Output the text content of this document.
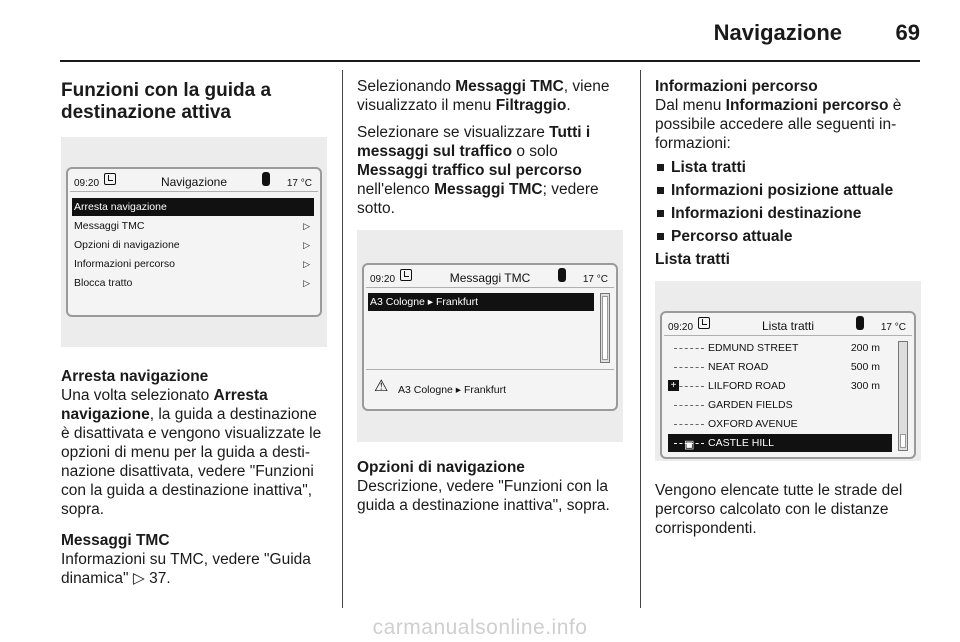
Navigazione 69
Funzioni con la guida a destinazione attiva
09:20	Navigazione	17 °C
Arresta navigazione
Messaggi TMC	▷
Opzioni di navigazione	▷
Informazioni percorso	▷
Blocca tratto	▷
Arresta navigazione

Una volta selezionato Arresta navigazione, la guida a destinazione è disattivata e vengono visualizzate le opzioni di menu per la guida a desti-nazione disattivata, vedere "Funzioni con la guida a destinazione inattiva", sopra.

Messaggi TMC

Informazioni su TMC, vedere "Guida dinamica" ▷ 37.

Selezionando Messaggi TMC, viene visualizzato il menu Filtraggio.

Selezionare se visualizzare Tutti i messaggi sul traffico o solo Messaggi traffico sul percorso nell'elenco Messaggi TMC; vedere sotto.

09:20	Messaggi TMC	17 °C
A3 Cologne ▸ Frankfurt
⚠ A3 Cologne ▸ Frankfurt
Opzioni di navigazione

Descrizione, vedere "Funzioni con la guida a destinazione inattiva", sopra.

Informazioni percorso

Dal menu Informazioni percorso è possibile accedere alle seguenti in-formazioni:

Lista tratti
Informazioni posizione attuale
Informazioni destinazione
Percorso attuale
Lista tratti
09:20	Lista tratti	17 °C
EDMUND STREET	200 m
NEAT ROAD	500 m
+	LILFORD ROAD	300 m
GARDEN FIELDS
OXFORD AVENUE
▣ CASTLE HILL

Vengono elencate tutte le strade del percorso calcolato con le distanze corrispondenti.

carmanualsonline.info
